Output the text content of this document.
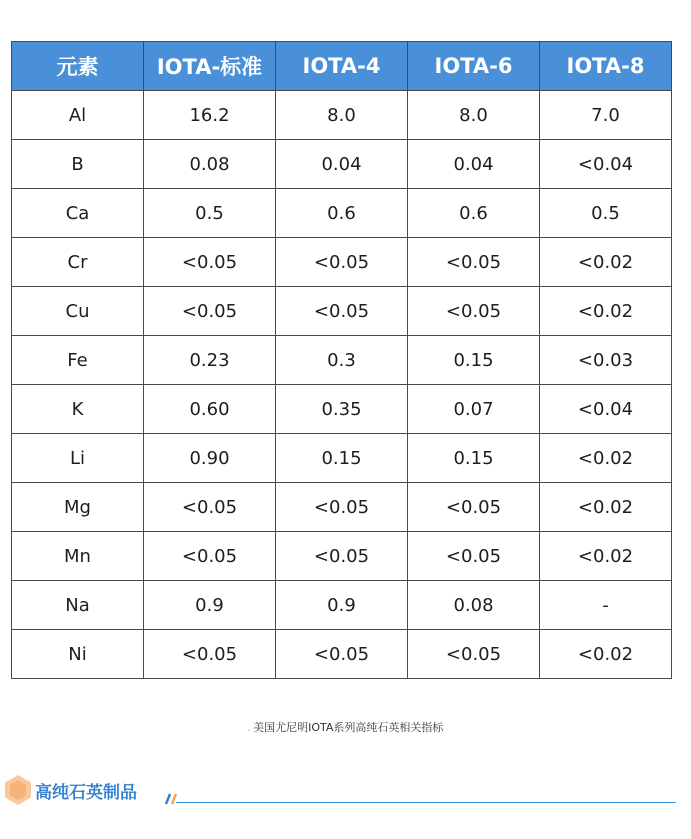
元素	IOTA-标准	IOTA-4	IOTA-6	IOTA-8
Al	16.2	8.0	8.0	7.0
B	0.08	0.04	0.04	<0.04
Ca	0.5	0.6	0.6	0.5
Cr	<0.05	<0.05	<0.05	<0.02
Cu	<0.05	<0.05	<0.05	<0.02
Fe	0.23	0.3	0.15	<0.03
K	0.60	0.35	0.07	<0.04
Li	0.90	0.15	0.15	<0.02
Mg	<0.05	<0.05	<0.05	<0.02
Mn	<0.05	<0.05	<0.05	<0.02
Na	0.9	0.9	0.08	-
Ni	<0.05	<0.05	<0.05	<0.02
. 美国尤尼明IOTA系列高纯石英相关指标
高纯石英制品
